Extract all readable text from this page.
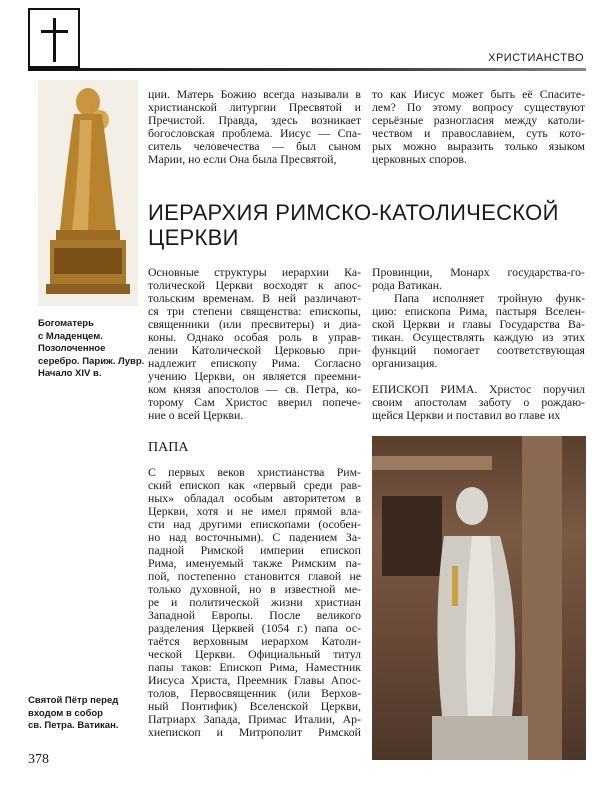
ХРИСТИАНСТВО
Богоматерь
с Младенцем.
Позолоченное
серебро. Париж. Лувр.
Начало XIV в.
ции. Матерь Божию всегда называли в
христианской литургии Пресвятой и
Пречистой. Правда, здесь возникает
богословская проблема. Иисус — Спа-
ситель человечества — был сыном
Марии, но если Она была Пресвятой,
то как Иисус может быть её Спасите-
лем? По этому вопросу существуют
серьёзные разногласия между католи-
чеством и православием, суть кото-
рых можно выразить только языком
церковных споров.
ИЕРАРХИЯ РИМСКО-КАТОЛИЧЕСКОЙ
ЦЕРКВИ
Основные структуры иерархии Ка-
толической Церкви восходят к апос-
тольским временам. В ней различают-
ся три степени священства: епископы,
священники (или пресвитеры) и диа-
коны. Однако особая роль в управ-
лении Католической Церковью при-
надлежит епископу Рима. Согласно
учению Церкви, он является преемни-
ком князя апостолов — св. Петра, ко-
торому Сам Христос вверил попече-
ние о всей Церкви.
Провинции, Монарх государства-го-
рода Ватикан.
Папа исполняет тройную функ-
цию: епископа Рима, пастыря Вселен-
ской Церкви и главы Государства Ва-
тикан. Осуществлять каждую из этих
функций помогает соответствующая
организация.
ЕПИСКОП РИМА. Христос поручил
своим апостолам заботу о рождаю-
щейся Церкви и поставил во главе их
ПАПА
С первых веков христианства Рим-
ский епископ как «первый среди рав-
ных» обладал особым авторитетом в
Церкви, хотя и не имел прямой вла-
сти над другими епископами (особен-
но над восточными). С падением За-
падной Римской империи епископ
Рима, именуемый также Римским па-
пой, постепенно становится главой не
только духовной, но в известной ме-
ре и политической жизни христиан
Западной Европы. После великого
разделения Церквей (1054 г.) папа ос-
таётся верховным иерархом Католи-
ческой Церкви. Официальный титул
папы таков: Епископ Рима, Наместник
Иисуса Христа, Преемник Главы Апос-
толов, Первосвященник (или Верхов-
ный Понтифик) Вселенской Церкви,
Патриарх Запада, Примас Италии, Ар-
хиепископ и Митрополит Римской
Святой Пётр перед
входом в собор
св. Петра. Ватикан.
378
